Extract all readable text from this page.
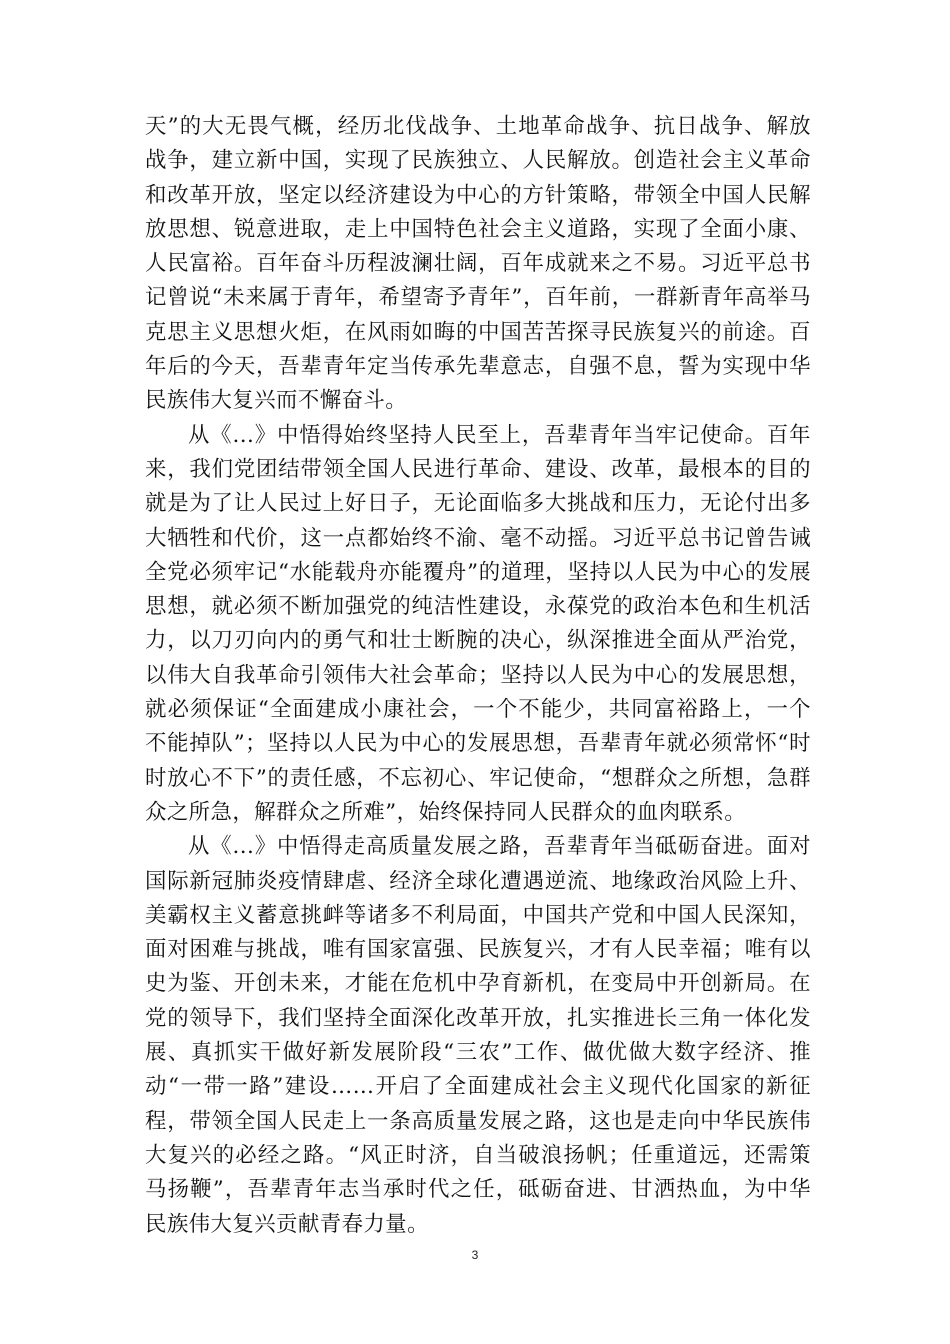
天”的大无畏气概，经历北伐战争、土地革命战争、抗日战争、解放战争，建立新中国，实现了民族独立、人民解放。创造社会主义革命和改革开放，坚定以经济建设为中心的方针策略，带领全中国人民解放思想、锐意进取，走上中国特色社会主义道路，实现了全面小康、人民富裕。百年奋斗历程波澜壮阔，百年成就来之不易。习近平总书记曾说“未来属于青年，希望寄予青年”，百年前，一群新青年高举马克思主义思想火炬，在风雨如晦的中国苦苦探寻民族复兴的前途。百年后的今天，吾辈青年定当传承先辈意志，自强不息，誓为实现中华民族伟大复兴而不懈奋斗。

从《...》中悟得始终坚持人民至上，吾辈青年当牢记使命。百年来，我们党团结带领全国人民进行革命、建设、改革，最根本的目的就是为了让人民过上好日子，无论面临多大挑战和压力，无论付出多大牺牲和代价，这一点都始终不渝、毫不动摇。习近平总书记曾告诫全党必须牢记“水能载舟亦能覆舟”的道理，坚持以人民为中心的发展思想，就必须不断加强党的纯洁性建设，永葆党的政治本色和生机活力，以刀刃向内的勇气和壮士断腕的决心，纵深推进全面从严治党，以伟大自我革命引领伟大社会革命；坚持以人民为中心的发展思想，就必须保证“全面建成小康社会，一个不能少，共同富裕路上，一个不能掉队”；坚持以人民为中心的发展思想，吾辈青年就必须常怀“时时放心不下”的责任感，不忘初心、牢记使命，“想群众之所想，急群众之所急，解群众之所难”，始终保持同人民群众的血肉联系。

从《...》中悟得走高质量发展之路，吾辈青年当砥砺奋进。面对国际新冠肺炎疫情肆虐、经济全球化遭遇逆流、地缘政治风险上升、美霸权主义蓄意挑衅等诸多不利局面，中国共产党和中国人民深知，面对困难与挑战，唯有国家富强、民族复兴，才有人民幸福；唯有以史为鉴、开创未来，才能在危机中孕育新机，在变局中开创新局。在党的领导下，我们坚持全面深化改革开放，扎实推进长三角一体化发展、真抓实干做好新发展阶段“三农”工作、做优做大数字经济、推动“一带一路”建设……开启了全面建成社会主义现代化国家的新征程，带领全国人民走上一条高质量发展之路，这也是走向中华民族伟大复兴的必经之路。“风正时济，自当破浪扬帆；任重道远，还需策马扬鞭”，吾辈青年志当承时代之任，砥砺奋进、甘洒热血，为中华民族伟大复兴贡献青春力量。

3
